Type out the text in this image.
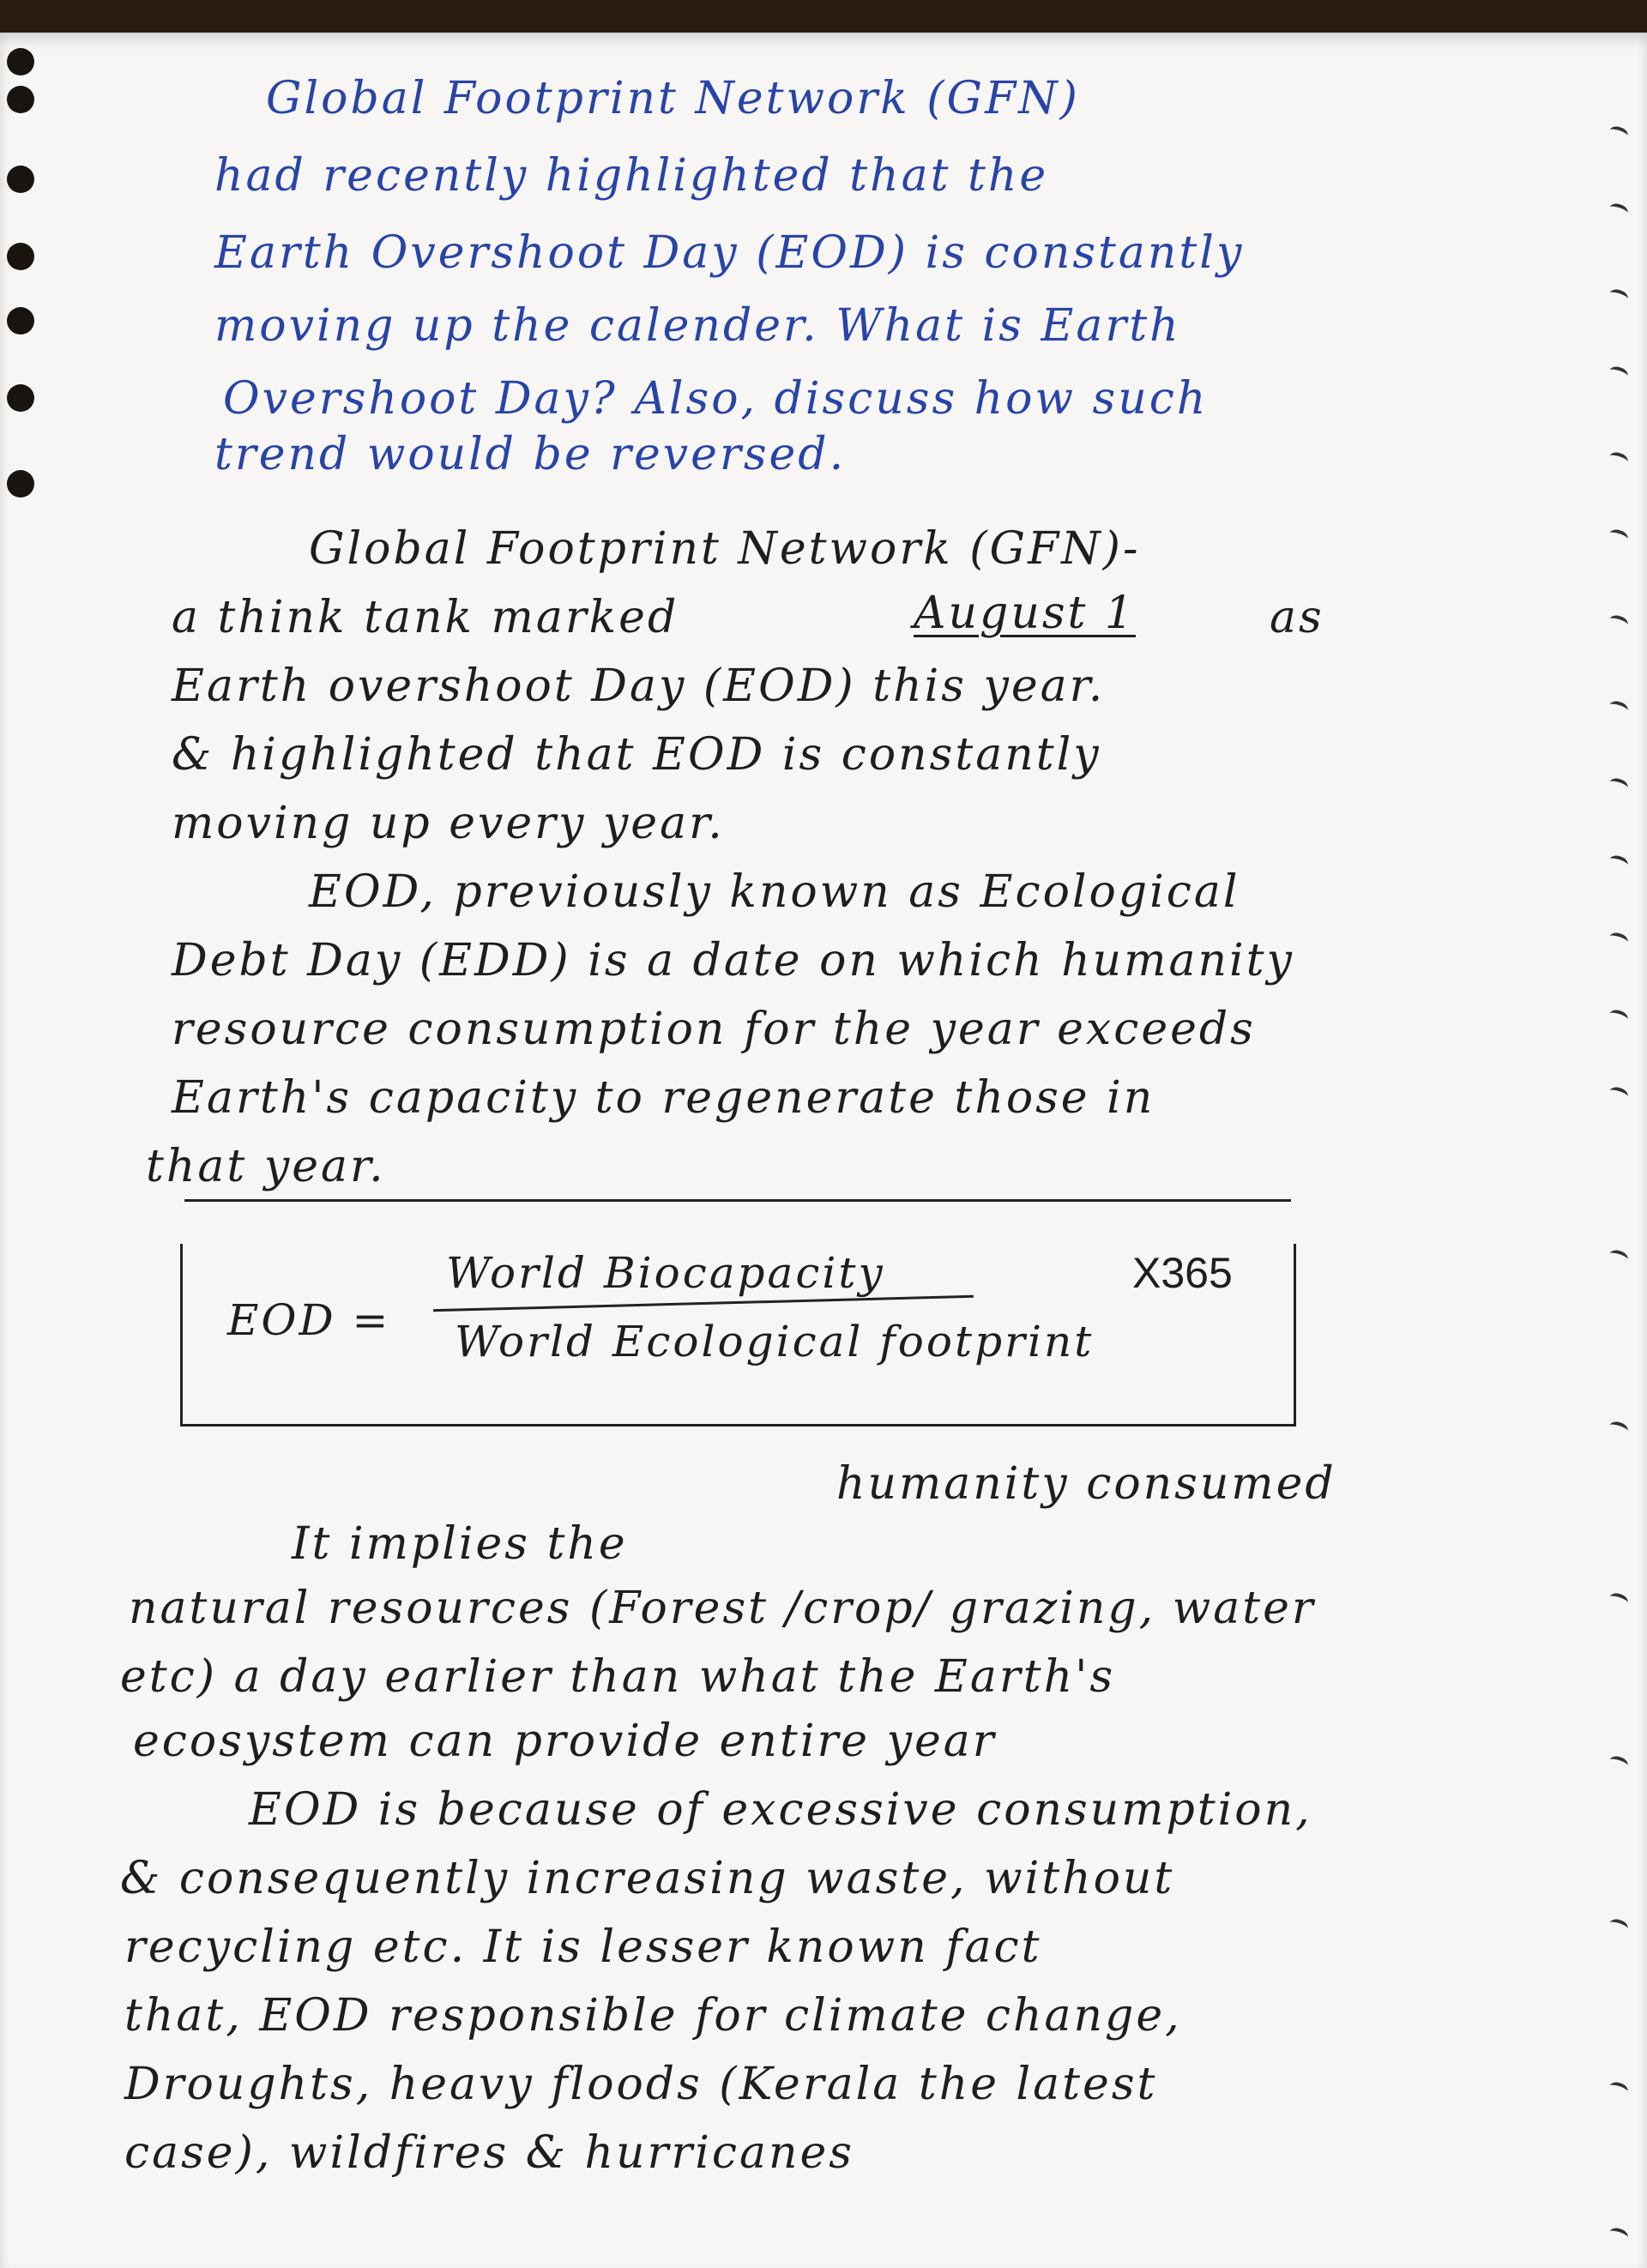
Global Footprint Network (GFN)
had recently highlighted that the
Earth Overshoot Day (EOD) is constantly
moving up the calender. What is Earth
Overshoot Day? Also, discuss how such
trend would be reversed.
Global Footprint Network (GFN)-
a think tank marked	August 1	as
Earth overshoot Day (EOD) this year.
& highlighted that EOD is constantly
moving up every year.
EOD, previously known as Ecological
Debt Day (EDD) is a date on which humanity
resource consumption for the year exceeds
Earth's capacity to regenerate those in
that year.
EOD =
World Biocapacity
World Ecological footprint
X365
humanity consumed
It implies the
natural resources (Forest /crop/ grazing, water
etc) a day earlier than what the Earth's
ecosystem can provide entire year
EOD is because of excessive consumption,
& consequently increasing waste, without
recycling etc. It is lesser known fact
that, EOD responsible for climate change,
Droughts, heavy floods (Kerala the latest
case), wildfires & hurricanes
